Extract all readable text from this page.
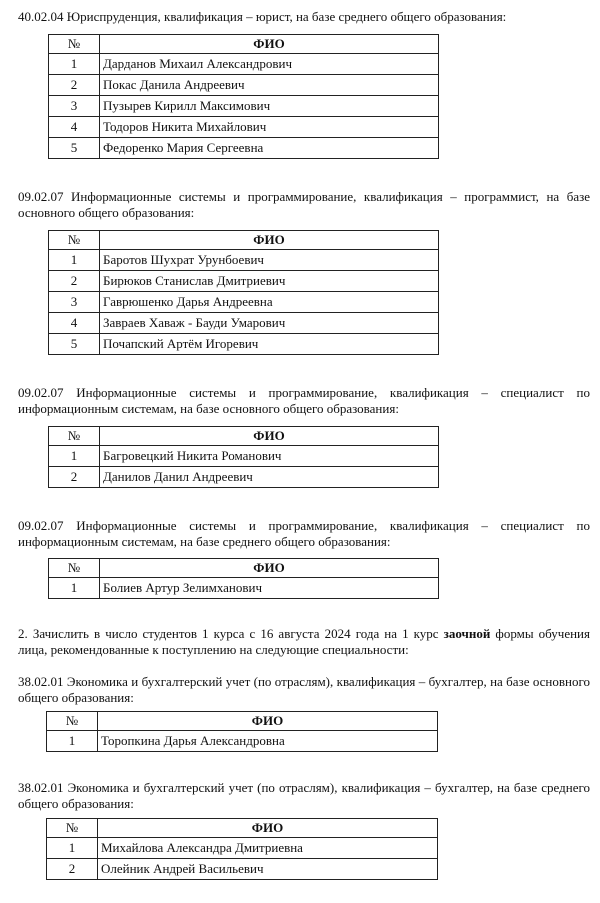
40.02.04 Юриспруденция, квалификация – юрист, на базе среднего общего образования:
№	ФИО
1	Дарданов Михаил Александрович
2	Покас Данила Андреевич
3	Пузырев Кирилл Максимович
4	Тодоров Никита Михайлович
5	Федоренко Мария Сергеевна
09.02.07 Информационные системы и программирование, квалификация – программист, на базе основного общего образования:
№	ФИО
1	Баротов Шухрат Урунбоевич
2	Бирюков Станислав Дмитриевич
3	Гаврюшенко Дарья Андреевна
4	Завраев Хаваж - Бауди Умарович
5	Почапский Артём Игоревич
09.02.07 Информационные системы и программирование, квалификация – специалист по информационным системам, на базе основного общего образования:
№	ФИО
1	Багровецкий Никита Романович
2	Данилов Данил Андреевич
09.02.07 Информационные системы и программирование, квалификация – специалист по информационным системам, на базе среднего общего образования:
№	ФИО
1	Болиев Артур Зелимханович
2. Зачислить в число студентов 1 курса с 16 августа 2024 года на 1 курс заочной формы обучения лица, рекомендованные к поступлению на следующие специальности:
38.02.01 Экономика и бухгалтерский учет (по отраслям), квалификация – бухгалтер, на базе основного общего образования:
№	ФИО
1	Торопкина Дарья Александровна
38.02.01 Экономика и бухгалтерский учет (по отраслям), квалификация – бухгалтер, на базе среднего общего образования:
№	ФИО
1	Михайлова Александра Дмитриевна
2	Олейник Андрей Васильевич
